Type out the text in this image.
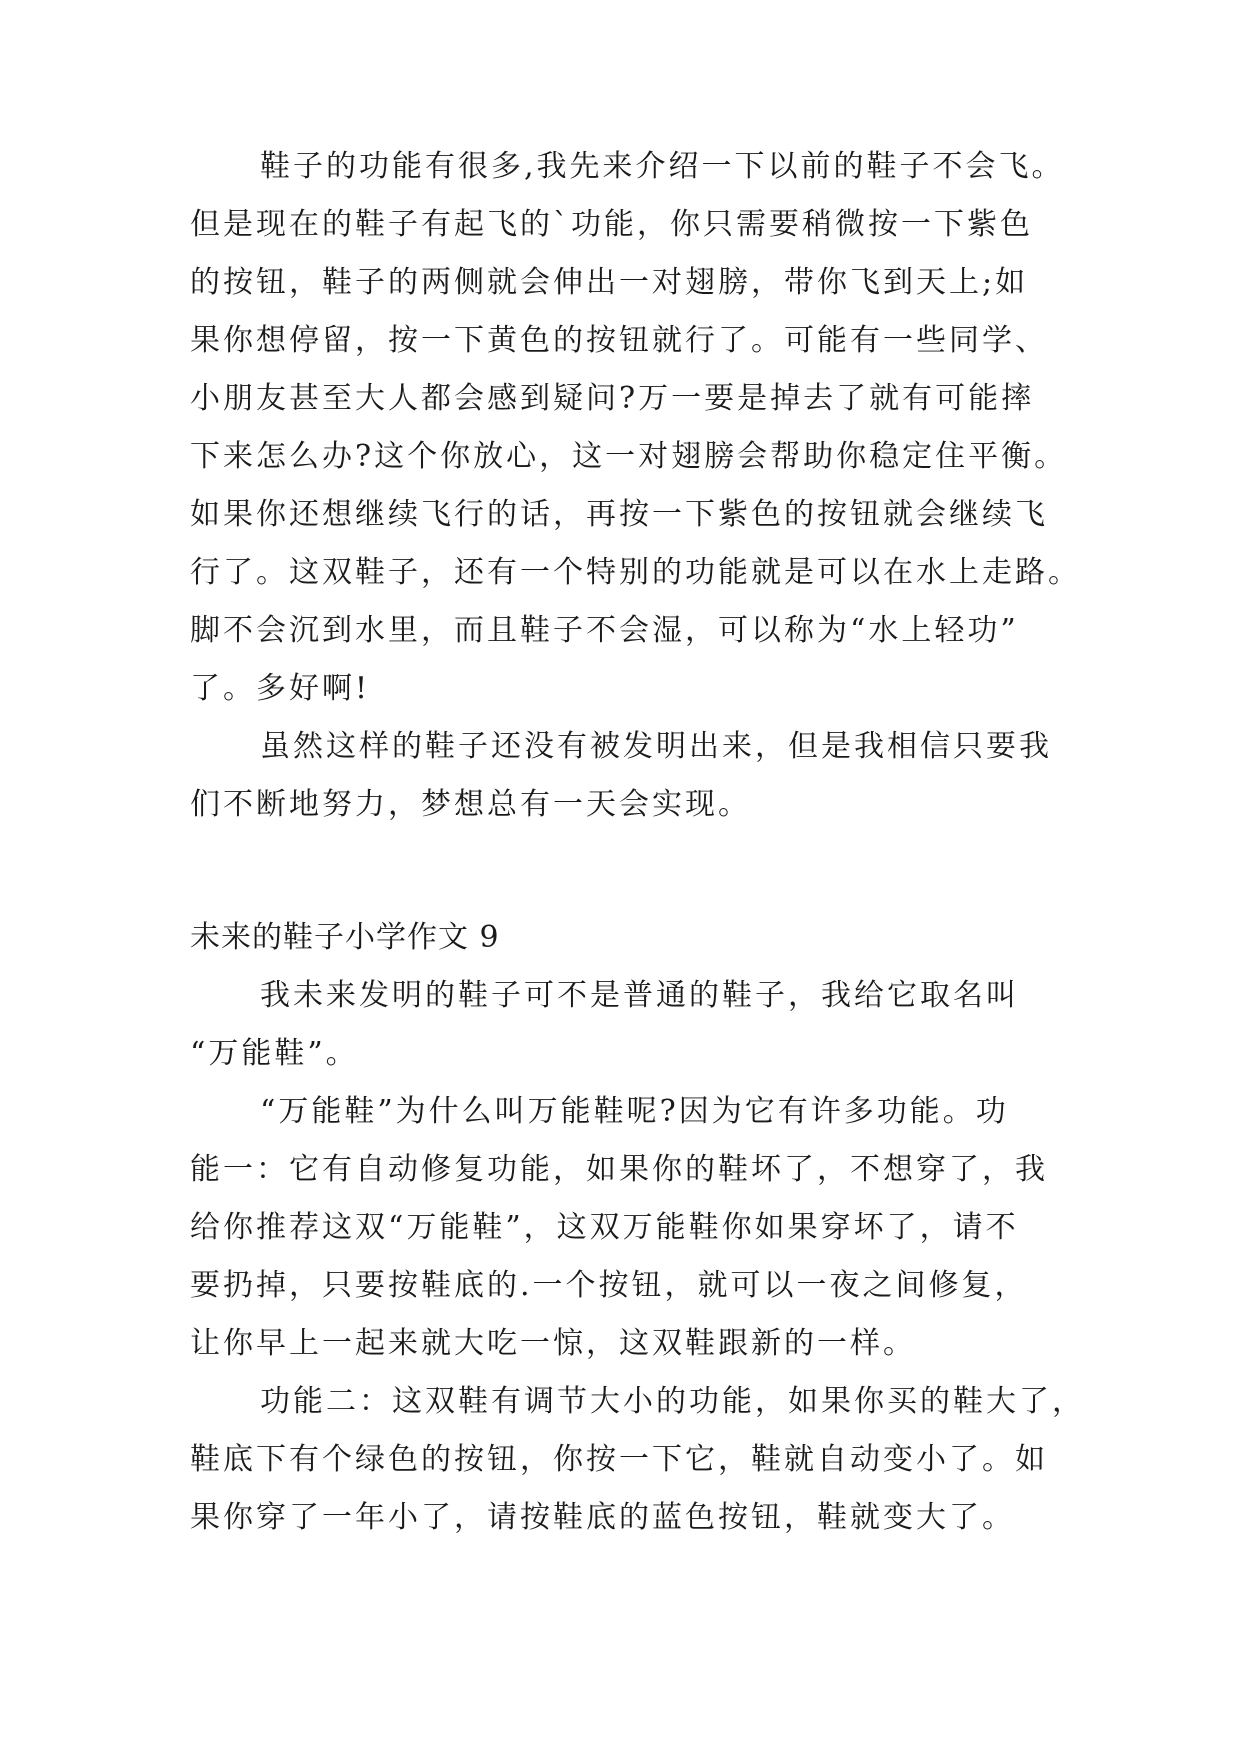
鞋子的功能有很多,我先来介绍一下以前的鞋子不会飞。
但是现在的鞋子有起飞的`功能，你只需要稍微按一下紫色
的按钮，鞋子的两侧就会伸出一对翅膀，带你飞到天上;如
果你想停留，按一下黄色的按钮就行了。可能有一些同学、
小朋友甚至大人都会感到疑问?万一要是掉去了就有可能摔
下来怎么办?这个你放心，这一对翅膀会帮助你稳定住平衡。
如果你还想继续飞行的话，再按一下紫色的按钮就会继续飞
行了。这双鞋子，还有一个特别的功能就是可以在水上走路。
脚不会沉到水里，而且鞋子不会湿，可以称为“水上轻功”
了。多好啊!
虽然这样的鞋子还没有被发明出来，但是我相信只要我
们不断地努力，梦想总有一天会实现。
未来的鞋子小学作文 9
我未来发明的鞋子可不是普通的鞋子，我给它取名叫
“万能鞋”。
“万能鞋”为什么叫万能鞋呢?因为它有许多功能。功
能一：它有自动修复功能，如果你的鞋坏了，不想穿了，我
给你推荐这双“万能鞋”，这双万能鞋你如果穿坏了，请不
要扔掉，只要按鞋底的.一个按钮，就可以一夜之间修复，
让你早上一起来就大吃一惊，这双鞋跟新的一样。
功能二：这双鞋有调节大小的功能，如果你买的鞋大了，
鞋底下有个绿色的按钮，你按一下它，鞋就自动变小了。如
果你穿了一年小了，请按鞋底的蓝色按钮，鞋就变大了。
